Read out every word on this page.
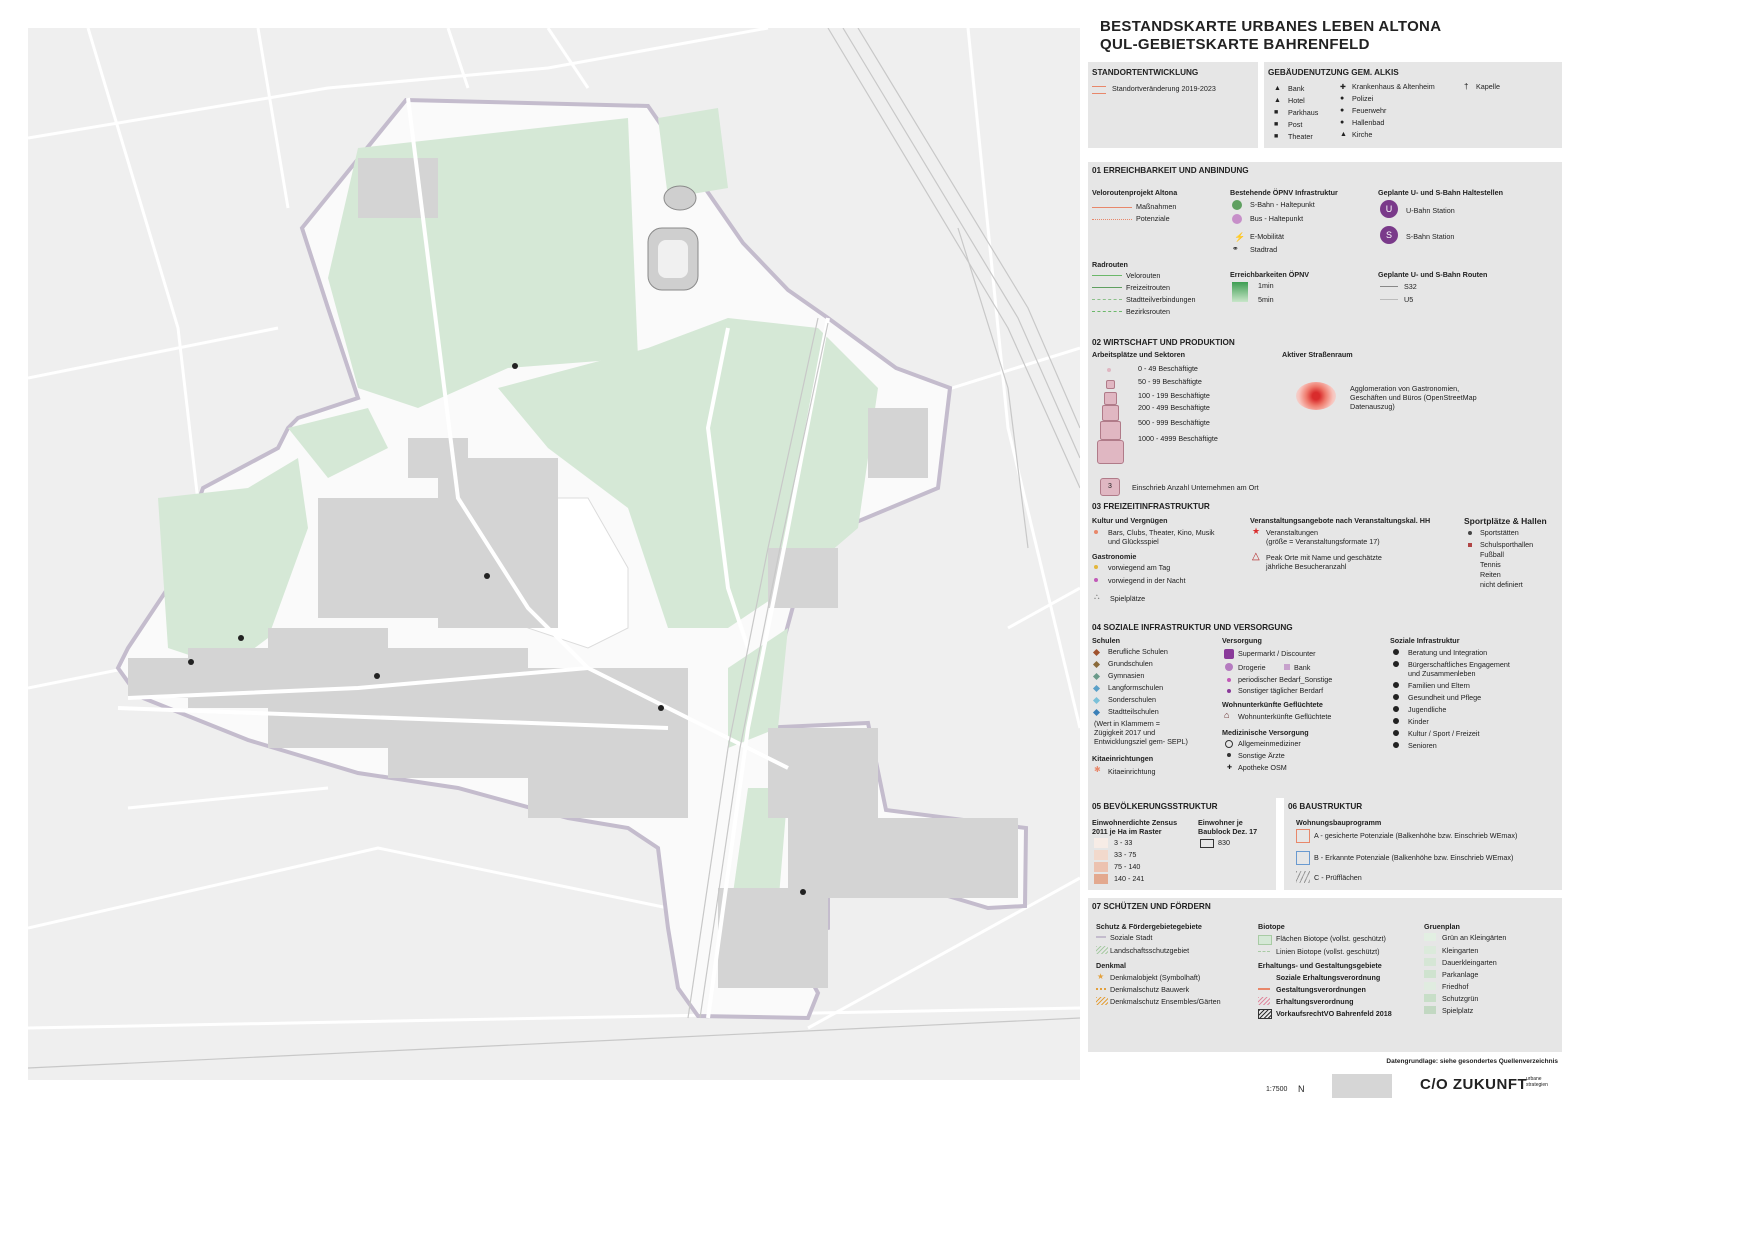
BESTANDSKARTE URBANES LEBEN ALTONA
QUL-GEBIETSKARTE BAHRENFELD
STANDORTENTWICKLUNG
Standortveränderung 2019-2023
GEBÄUDENUTZUNG GEM. ALKIS
Bank
Hotel
Parkhaus
Post
Theater
▲
▲
■
■
■
Krankenhaus & Altenheim
Polizei
Feuerwehr
Hallenbad
Kirche
✚
●
●
●
▲
Kapelle
†
01 ERREICHBARKEIT UND ANBINDUNG
Veloroutenprojekt Altona
Maßnahmen
Potenziale
Bestehende ÖPNV Infrastruktur
S-Bahn - Haltepunkt
Bus - Haltepunkt
⚡ E-Mobilität
⚭ Stadtrad
Geplante U- und S-Bahn Haltestellen
U	U-Bahn Station
S	S-Bahn Station
Radrouten
Velorouten
Freizeitrouten
Stadtteilverbindungen
Bezirksrouten
Erreichbarkeiten ÖPNV
1min
5min
Geplante U- und S-Bahn Routen
S32
U5
02 WIRTSCHAFT UND PRODUKTION
Arbeitsplätze und Sektoren
0 - 49 Beschäftigte
50 - 99 Beschäftigte
100 - 199 Beschäftigte
200 - 499 Beschäftigte
500 - 999 Beschäftigte
1000 - 4999 Beschäftigte
3	Einschrieb Anzahl Unternehmen am Ort
Aktiver Straßenraum
Agglomeration von Gastronomien,
Geschäften und Büros (OpenStreetMap
Datenauszug)
03 FREIZEITINFRASTRUKTUR
Kultur und Vergnügen
Bars, Clubs, Theater, Kino, Musik
und Glücksspiel
Gastronomie
vorwiegend am Tag
vorwiegend in der Nacht
⛬ Spielplätze
Veranstaltungsangebote nach Veranstaltungskal. HH
★ Veranstaltungen
(größe = Veranstaltungsformate 17)
△ Peak Orte mit Name und geschätzte
jährliche Besucheranzahl
Sportplätze & Hallen
Sportstätten
Schulsporthallen
Fußball
Tennis
Reiten
nicht definiert
04 SOZIALE INFRASTRUKTUR UND VERSORGUNG
Schulen
Berufliche Schulen
Grundschulen
Gymnasien
Langformschulen
Sonderschulen
Stadtteilschulen
(Wert in Klammern =
Zügigkeit 2017 und
Entwicklungsziel gem- SEPL)
Kitaeinrichtungen
✱ Kitaeinrichtung
Versorgung
Supermarkt / Discounter
Drogerie	Bank
periodischer Bedarf_Sonstige
Sonstiger täglicher Berdarf
Wohnunterkünfte Geflüchtete
⌂ Wohnunterkünfte Geflüchtete
Medizinische Versorgung
Allgemeinmediziner
Sonstige Ärzte
✚ Apotheke OSM
Soziale Infrastruktur
Beratung und Integration
Bürgerschaftliches Engagement
und Zusammenleben
Familien und Eltern
Gesundheit und Pflege
Jugendliche
Kinder
Kultur / Sport / Freizeit
Senioren
05 BEVÖLKERUNGSSTRUKTUR
Einwohnerdichte Zensus
2011 je Ha im Raster
3 - 33
33 - 75
75 - 140
140 - 241
Einwohner je
Baublock Dez. 17
830
06 BAUSTRUKTUR
Wohnungsbauprogramm
A - gesicherte Potenziale (Balkenhöhe bzw. Einschrieb WEmax)
B - Erkannte Potenziale (Balkenhöhe bzw. Einschrieb WEmax)
C - Prüfflächen
07 SCHÜTZEN UND FÖRDERN
Schutz & Fördergebietegebiete
Soziale Stadt
Landschaftsschutzgebiet
Denkmal
★ Denkmalobjekt (Symbolhaft)
Denkmalschutz Bauwerk
Denkmalschutz Ensembles/Gärten
Biotope
Flächen Biotope (vollst. geschützt)
Linien Biotope (vollst. geschützt)
Erhaltungs- und Gestaltungsgebiete
Soziale Erhaltungsverordnung
Gestaltungsverordnungen
Erhaltungsverordnung
VorkaufsrechtVO Bahrenfeld 2018
Gruenplan
Grün an Kleingärten
Kleingarten
Dauerkleingarten
Parkanlage
Friedhof
Schutzgrün
Spielplatz
Datengrundlage: siehe gesondertes Quellenverzeichnis
1:7500 N	C/O ZUKUNFT
urbane strategien
